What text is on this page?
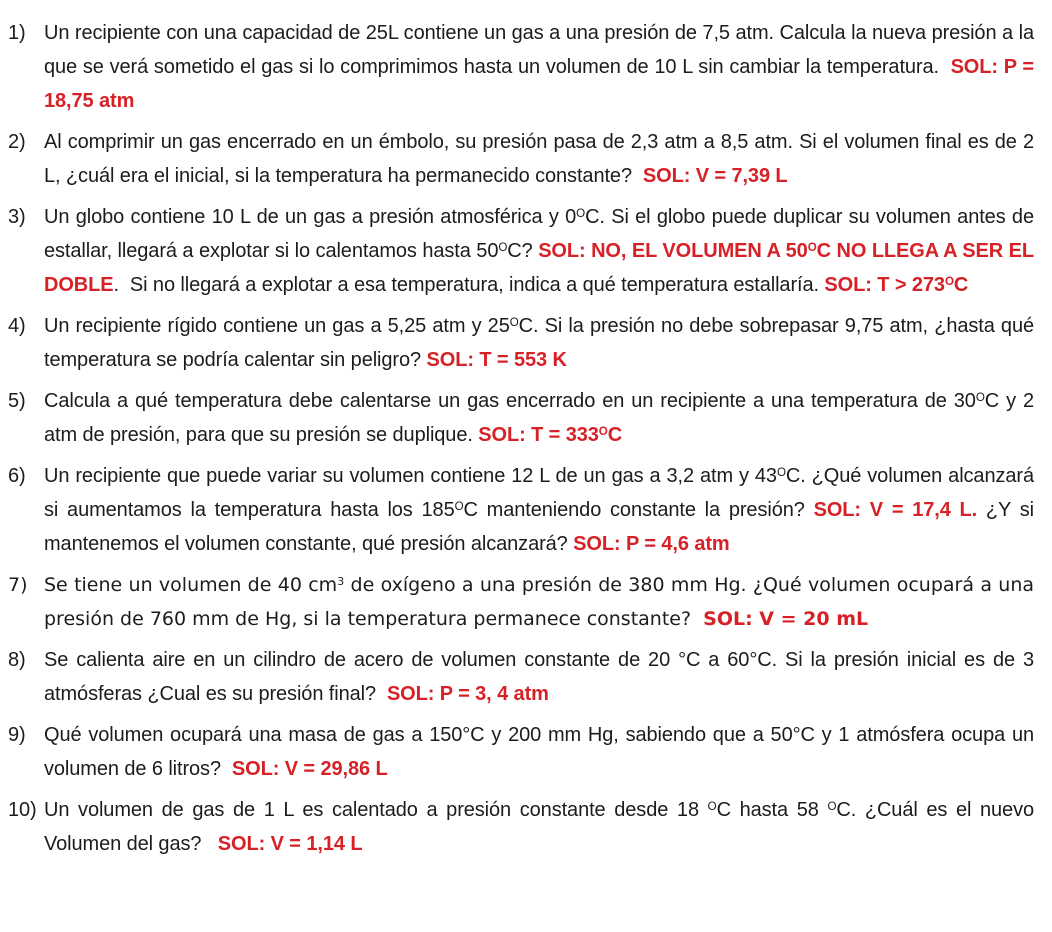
1) Un recipiente con una capacidad de 25L contiene un gas a una presión de 7,5 atm. Calcula la nueva presión a la que se verá sometido el gas si lo comprimimos hasta un volumen de 10 L sin cambiar la temperatura.  SOL: P = 18,75 atm
2) Al comprimir un gas encerrado en un émbolo, su presión pasa de 2,3 atm a 8,5 atm. Si el volumen final es de 2 L, ¿cuál era el inicial, si la temperatura ha permanecido constante?  SOL: V = 7,39 L
3) Un globo contiene 10 L de un gas a presión atmosférica y $0^OC$. Si el globo puede duplicar su volumen antes de estallar, llegará a explotar si lo calentamos hasta $50^OC$? SOL: NO, EL VOLUMEN A $50^OC$ NO LLEGA A SER EL DOBLE.  Si no llegará a explotar a esa temperatura, indica a qué temperatura estallaría. SOL: $T > 273^OC$
4) Un recipiente rígido contiene un gas a 5,25 atm y $25^OC$. Si la presión no debe sobrepasar 9,75 atm, ¿hasta qué temperatura se podría calentar sin peligro? SOL: T = 553 K
5) Calcula a qué temperatura debe calentarse un gas encerrado en un recipiente a una temperatura de $30^OC$ y 2 atm de presión, para que su presión se duplique. SOL: $T = 333^OC$
6) Un recipiente que puede variar su volumen contiene 12 L de un gas a 3,2 atm y $43^OC$. ¿Qué volumen alcanzará si aumentamos la temperatura hasta los $185^OC$ manteniendo constante la presión? SOL: V = 17,4 L. ¿Y si mantenemos el volumen constante, qué presión alcanzará? SOL: P = 4,6 atm
7) Se tiene un volumen de 40 $cm^3$ de oxígeno a una presión de 380 mm Hg. ¿Qué volumen ocupará a una presión de 760 mm de Hg, si la temperatura permanece constante?  SOL: V = 20 mL
8) Se calienta aire en un cilindro de acero de volumen constante de 20 °C a 60°C. Si la presión inicial es de 3 atmósferas ¿Cual es su presión final?  SOL: P = 3, 4 atm
9) Qué volumen ocupará una masa de gas a 150°C y 200 mm Hg, sabiendo que a 50°C y 1 atmósfera ocupa un volumen de 6 litros?  SOL: V = 29,86 L
10) Un volumen de gas de 1 L es calentado a presión constante desde 18 $^O$C hasta 58 $^O$C. ¿Cuál es el nuevo Volumen del gas?   SOL: V = 1,14 L
